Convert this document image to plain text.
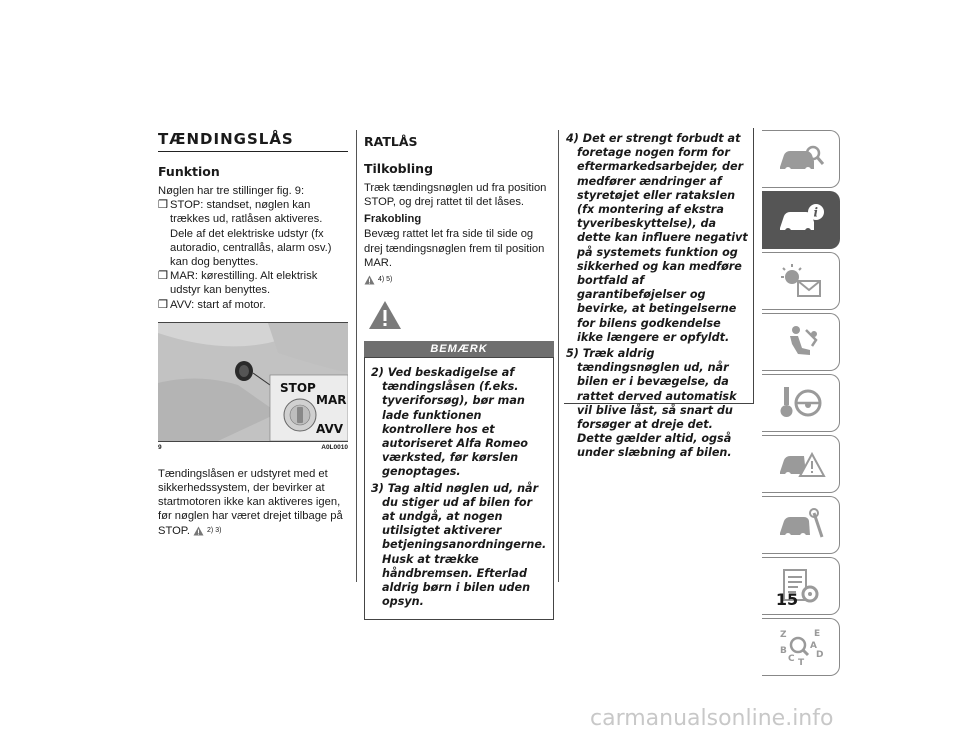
TÆNDINGSLÅS
Funktion

Nøglen har tre stillinger fig. 9:

❒ STOP: standset, nøglen kan trækkes ud, ratlåsen aktiveres. Dele af det elektriske udstyr (fx autoradio, centrallås, alarm osv.) kan dog benyttes.

❒ MAR: kørestilling. Alt elektrisk udstyr kan benyttes.

❒ AVV: start af motor.

STOP
MAR
AVV
9	A0L0010

Tændingslåsen er udstyret med et sikkerhedssystem, der bevirker at startmotoren ikke kan aktiveres igen, før nøglen har været drejet tilbage på STOP. 2) 3)

RATLÅS
Tilkobling

Træk tændingsnøglen ud fra position STOP, og drej rattet til det låses.

Frakobling

Bevæg rattet let fra side til side og drej tændingsnøglen frem til position MAR.

4) 5)
BEMÆRK

2) Ved beskadigelse af tændingslåsen (f.eks. tyveriforsøg), bør man lade funktionen kontrollere hos et autoriseret Alfa Romeo værksted, før kørslen genoptages.

3) Tag altid nøglen ud, når du stiger ud af bilen for at undgå, at nogen utilsigtet aktiverer betjeningsanordningerne. Husk at trække håndbremsen. Efterlad aldrig børn i bilen uden opsyn.

4) Det er strengt forbudt at foretage nogen form for eftermarkedsarbejder, der medfører ændringer af styretøjet eller rataksIen (fx montering af ekstra tyveribeskyttelse), da dette kan influere negativt på systemets funktion og sikkerhed og kan medføre bortfald af garantibeføjelser og bevirke, at betingelserne for bilens godkendelse ikke længere er opfyldt.

5) Træk aldrig tændingsnøglen ud, når bilen er i bevægelse, da rattet derved automatisk vil blive låst, så snart du forsøger at dreje det. Dette gælder altid, også under slæbning af bilen.

i
Z	E
A
B
C D
T
15
carmanualsonline.info
